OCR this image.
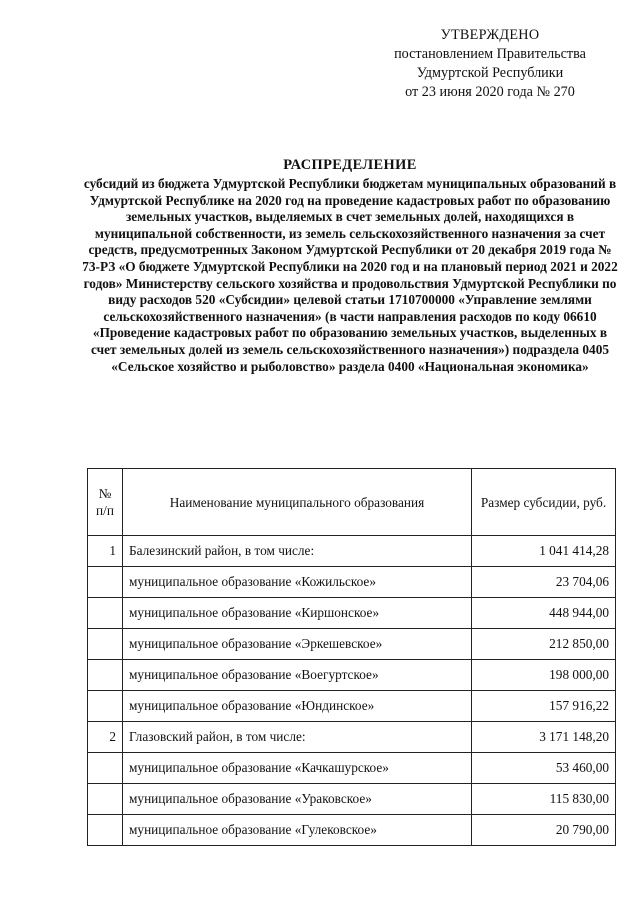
УТВЕРЖДЕНО
постановлением Правительства
Удмуртской Республики
от 23 июня 2020 года № 270
РАСПРЕДЕЛЕНИЕ
субсидий из бюджета Удмуртской Республики бюджетам муниципальных образований в Удмуртской Республике на 2020 год на проведение кадастровых работ по образованию земельных участков, выделяемых в счет земельных долей, находящихся в муниципальной собственности, из земель сельскохозяйственного назначения за счет средств, предусмотренных Законом Удмуртской Республики от 20 декабря 2019 года № 73-РЗ «О бюджете Удмуртской Республики на 2020 год и на плановый период 2021 и 2022 годов» Министерству сельского хозяйства и продовольствия Удмуртской Республики по виду расходов 520 «Субсидии» целевой статьи 1710700000 «Управление землями сельскохозяйственного назначения» (в части направления расходов по коду 06610 «Проведение кадастровых работ по образованию земельных участков, выделенных в счет земельных долей из земель сельскохозяйственного назначения») подраздела 0405 «Сельское хозяйство и рыболовство» раздела 0400 «Национальная экономика»
№ п/п	Наименование муниципального образования	Размер субсидии, руб.
1	Балезинский район, в том числе:	1 041 414,28
	муниципальное образование «Кожильское»	23 704,06
	муниципальное образование «Киршонское»	448 944,00
	муниципальное образование «Эркешевское»	212 850,00
	муниципальное образование «Воегуртское»	198 000,00
	муниципальное образование «Юндинское»	157 916,22
2	Глазовский район, в том числе:	3 171 148,20
	муниципальное образование «Качкашурское»	53 460,00
	муниципальное образование «Ураковское»	115 830,00
	муниципальное образование «Гулековское»	20 790,00
